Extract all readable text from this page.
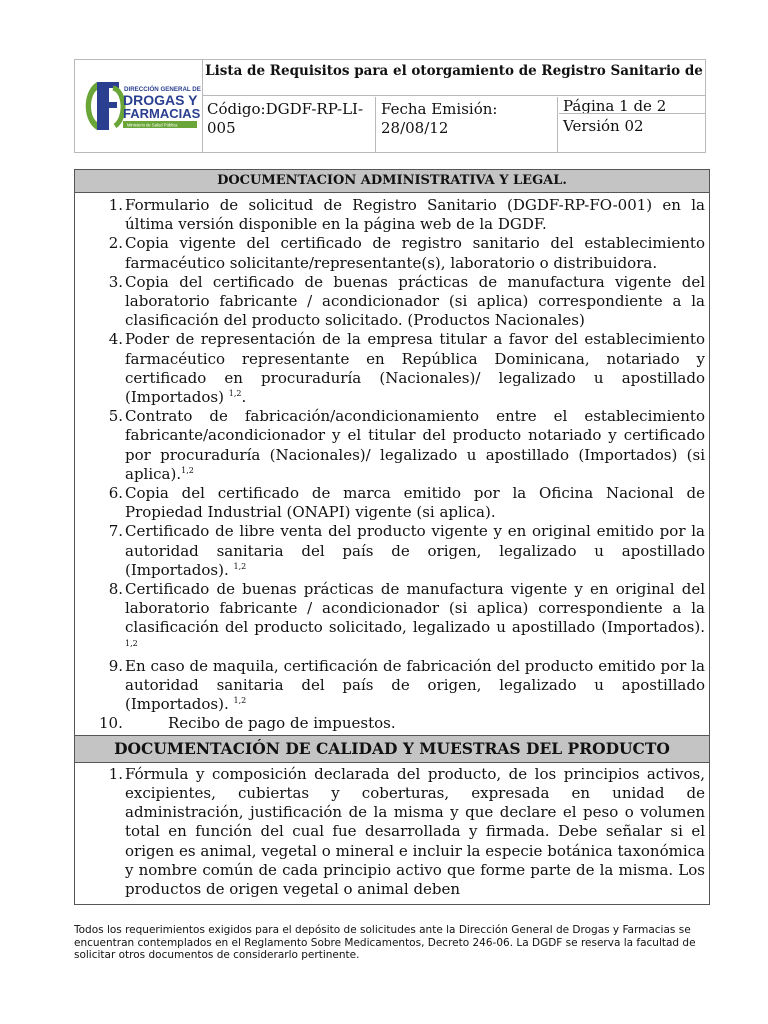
DF
DIRECCIÓN GENERAL DE
DROGAS Y
FARMACIAS
Ministerio de Salud Pública
Lista de Requisitos para el otorgamiento de Registro Sanitario de
Código:DGDF-RP-LI-005
Fecha Emisión:
28/08/12
Página 1 de 2
Versión 02
DOCUMENTACION ADMINISTRATIVA Y LEGAL.
1. Formulario de solicitud de Registro Sanitario (DGDF-RP-FO-001) en la última versión disponible en la página web de la DGDF.
2. Copia vigente del certificado de registro sanitario del establecimiento farmacéutico solicitante/representante(s), laboratorio o distribuidora.
3. Copia del certificado de buenas prácticas de manufactura vigente del laboratorio fabricante / acondicionador (si aplica) correspondiente a la clasificación del producto solicitado. (Productos Nacionales)
4. Poder de representación de la empresa titular a favor del establecimiento farmacéutico representante en República Dominicana, notariado y certificado en procuraduría (Nacionales)/ legalizado u apostillado (Importados) $^{1,2}$.
5. Contrato de fabricación/acondicionamiento entre el establecimiento fabricante/acondicionador y el titular del producto notariado y certificado por procuraduría (Nacionales)/ legalizado u apostillado (Importados) (si aplica).$^{1,2}$
6. Copia del certificado de marca emitido por la Oficina Nacional de Propiedad Industrial (ONAPI) vigente (si aplica).
7. Certificado de libre venta del producto vigente y en original emitido por la autoridad sanitaria del país de origen, legalizado u apostillado (Importados). $^{1,2}$
8. Certificado de buenas prácticas de manufactura vigente y en original del laboratorio fabricante / acondicionador (si aplica) correspondiente a la clasificación del producto solicitado, legalizado u apostillado (Importados). $^{1,2}$
9. En caso de maquila, certificación de fabricación del producto emitido por la autoridad sanitaria del país de origen, legalizado u apostillado (Importados). $^{1,2}$
10.	Recibo de pago de impuestos.
DOCUMENTACIÓN DE CALIDAD Y MUESTRAS DEL PRODUCTO
1. Fórmula y composición declarada del producto, de los principios activos, excipientes, cubiertas y coberturas, expresada en unidad de administración, justificación de la misma y que declare el peso o volumen total en función del cual fue desarrollada y firmada. Debe señalar si el origen es animal, vegetal o mineral e incluir la especie botánica taxonómica y nombre común de cada principio activo que forme parte de la misma. Los productos de origen vegetal o animal deben
Todos los requerimientos exigidos para el depósito de solicitudes ante la Dirección General de Drogas y Farmacias se encuentran contemplados en el Reglamento Sobre Medicamentos, Decreto 246-06. La DGDF se reserva la facultad de solicitar otros documentos de considerarlo pertinente.
